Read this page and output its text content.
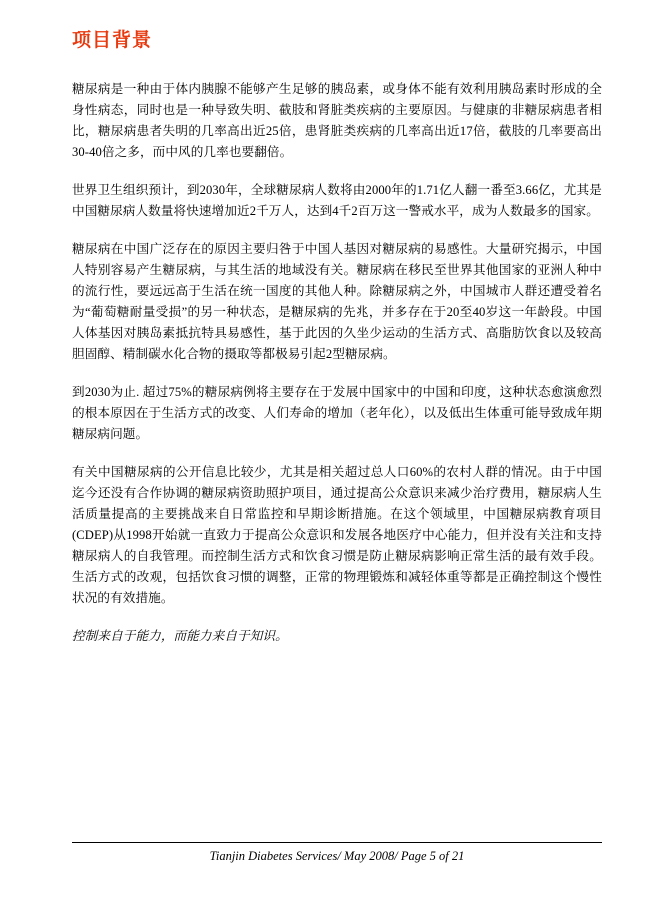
项目背景

糖尿病是一种由于体内胰腺不能够产生足够的胰岛素，或身体不能有效利用胰岛素时形成的全身性病态，同时也是一种导致失明、截肢和肾脏类疾病的主要原因。与健康的非糖尿病患者相比，糖尿病患者失明的几率高出近25倍，患肾脏类疾病的几率高出近17倍，截肢的几率要高出30-40倍之多，而中风的几率也要翻倍。

世界卫生组织预计，到2030年，全球糖尿病人数将由2000年的1.71亿人翻一番至3.66亿，尤其是中国糖尿病人数量将快速增加近2千万人，达到4千2百万这一警戒水平，成为人数最多的国家。

糖尿病在中国广泛存在的原因主要归咎于中国人基因对糖尿病的易感性。大量研究揭示，中国人特别容易产生糖尿病，与其生活的地域没有关。糖尿病在移民至世界其他国家的亚洲人种中的流行性，要远远高于生活在统一国度的其他人种。除糖尿病之外，中国城市人群还遭受着名为“葡萄糖耐量受损”的另一种状态，是糖尿病的先兆，并多存在于20至40岁这一年龄段。中国人体基因对胰岛素抵抗特具易感性，基于此因的久坐少运动的生活方式、高脂肪饮食以及较高胆固醇、精制碳水化合物的摄取等都极易引起2型糖尿病。

到2030为止. 超过75%的糖尿病例将主要存在于发展中国家中的中国和印度，这种状态愈演愈烈的根本原因在于生活方式的改变、人们寿命的增加（老年化），以及低出生体重可能导致成年期糖尿病问题。

有关中国糖尿病的公开信息比较少，尤其是相关超过总人口60%的农村人群的情况。由于中国迄今还没有合作协调的糖尿病资助照护项目，通过提高公众意识来减少治疗费用，糖尿病人生活质量提高的主要挑战来自日常监控和早期诊断措施。在这个领域里，中国糖尿病教育项目(CDEP)从1998开始就一直致力于提高公众意识和发展各地医疗中心能力，但并没有关注和支持糖尿病人的自我管理。而控制生活方式和饮食习惯是防止糖尿病影响正常生活的最有效手段。生活方式的改观，包括饮食习惯的调整，正常的物理锻炼和减轻体重等都是正确控制这个慢性状况的有效措施。

控制来自于能力，而能力来自于知识。

Tianjin Diabetes Services/ May 2008/ Page 5 of 21
